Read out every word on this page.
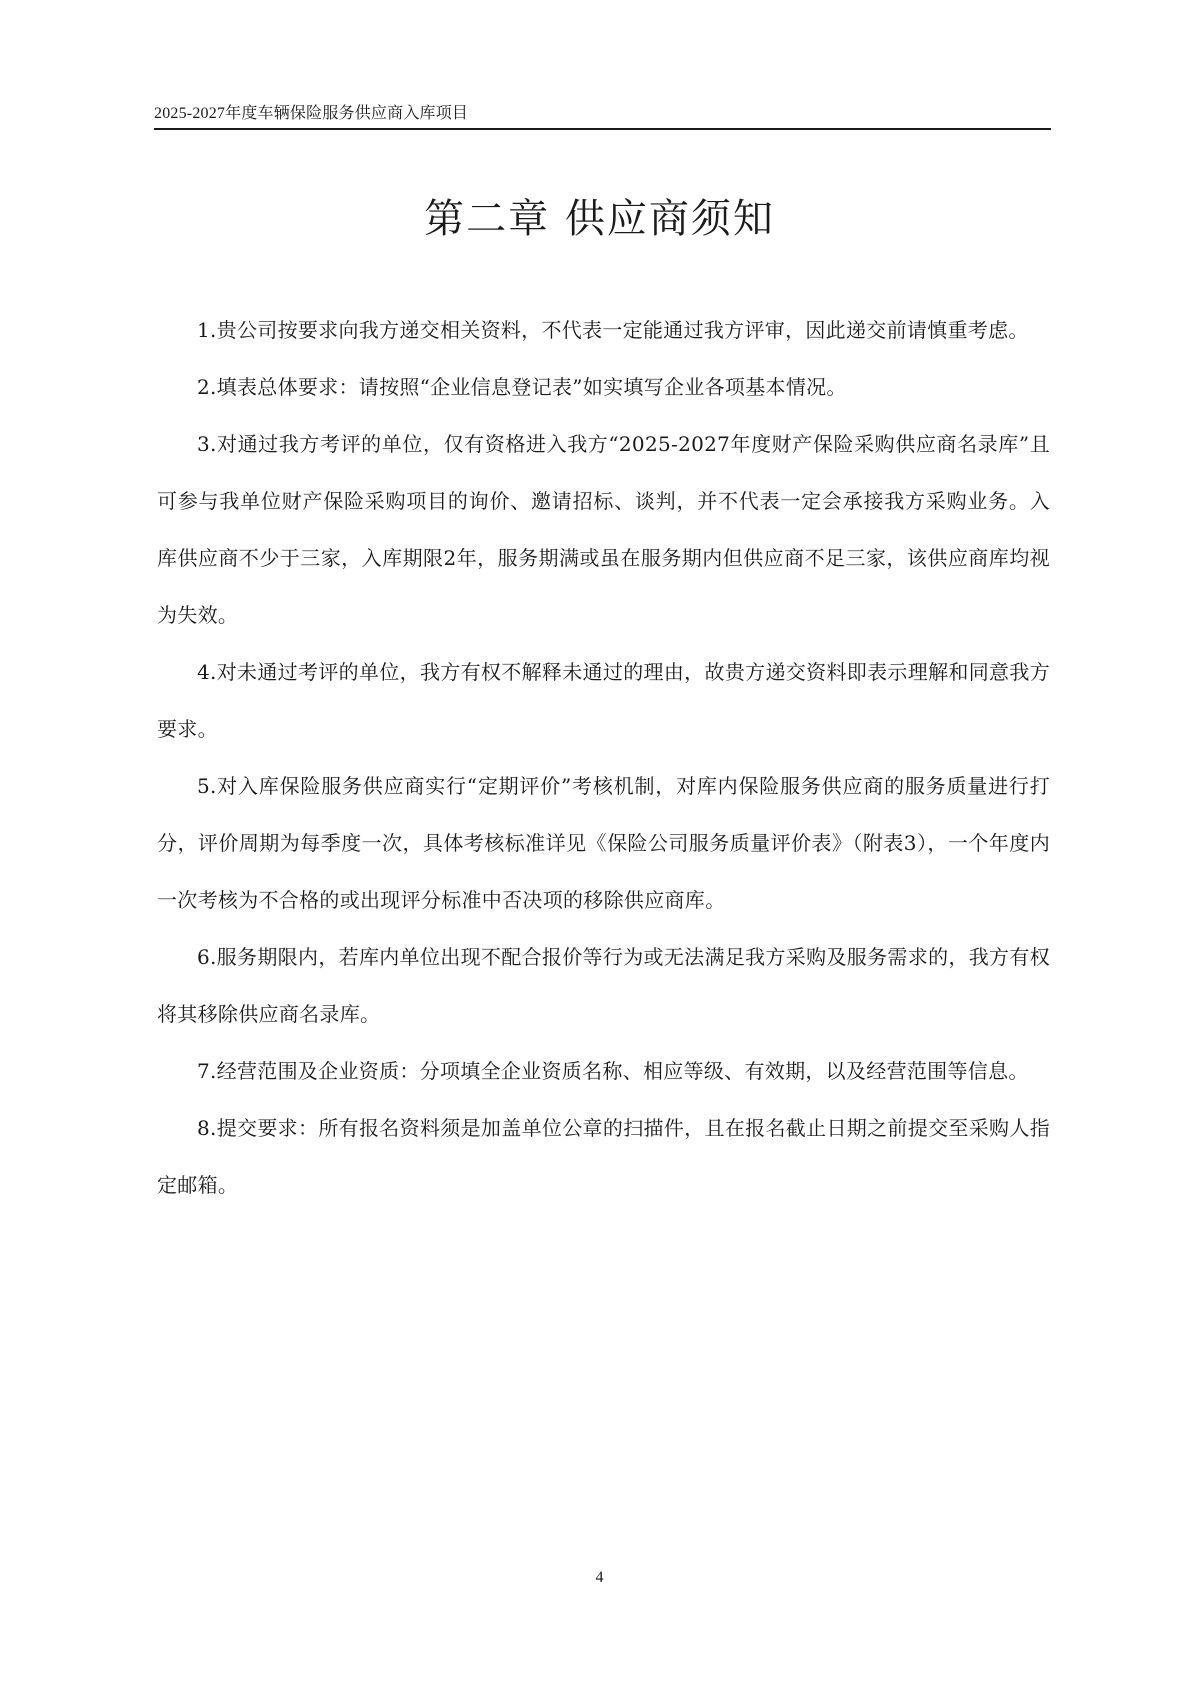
2025-2027年度车辆保险服务供应商入库项目
第二章 供应商须知

1.贵公司按要求向我方递交相关资料，不代表一定能通过我方评审，因此递交前请慎重考虑。

2.填表总体要求：请按照“企业信息登记表”如实填写企业各项基本情况。

3.对通过我方考评的单位，仅有资格进入我方“2025-2027年度财产保险采购供应商名录库”且可参与我单位财产保险采购项目的询价、邀请招标、谈判，并不代表一定会承接我方采购业务。入库供应商不少于三家，入库期限2年，服务期满或虽在服务期内但供应商不足三家，该供应商库均视为失效。

4.对未通过考评的单位，我方有权不解释未通过的理由，故贵方递交资料即表示理解和同意我方要求。

5.对入库保险服务供应商实行“定期评价”考核机制，对库内保险服务供应商的服务质量进行打分，评价周期为每季度一次，具体考核标准详见《保险公司服务质量评价表》（附表3），一个年度内一次考核为不合格的或出现评分标准中否决项的移除供应商库。

6.服务期限内，若库内单位出现不配合报价等行为或无法满足我方采购及服务需求的，我方有权将其移除供应商名录库。

7.经营范围及企业资质：分项填全企业资质名称、相应等级、有效期，以及经营范围等信息。

8.提交要求：所有报名资料须是加盖单位公章的扫描件，且在报名截止日期之前提交至采购人指定邮箱。

4
